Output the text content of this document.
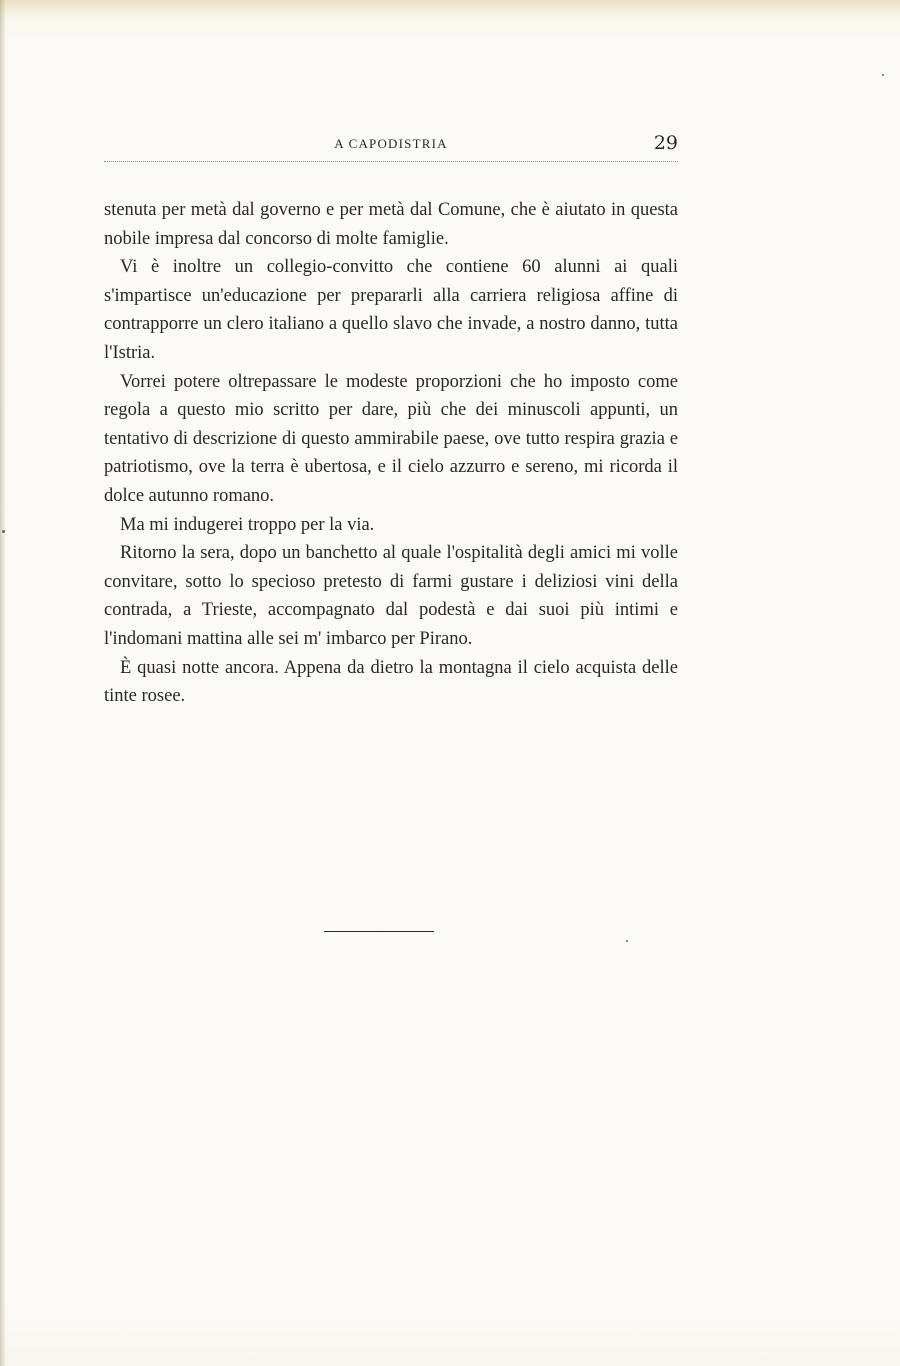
A CAPODISTRIA	29

stenuta per metà dal governo e per metà dal Comune, che è aiutato in questa nobile impresa dal concorso di molte famiglie.

Vi è inoltre un collegio-convitto che contiene 60 alunni ai quali s'impartisce un'educazione per prepararli alla carriera religiosa affine di contrapporre un clero italiano a quello slavo che invade, a nostro danno, tutta l'Istria.

Vorrei potere oltrepassare le modeste proporzioni che ho imposto come regola a questo mio scritto per dare, più che dei minuscoli appunti, un tentativo di descrizione di questo ammirabile paese, ove tutto respira grazia e patriotismo, ove la terra è ubertosa, e il cielo azzurro e sereno, mi ricorda il dolce autunno romano.

Ma mi indugerei troppo per la via.

Ritorno la sera, dopo un banchetto al quale l'ospitalità degli amici mi volle convitare, sotto lo specioso pretesto di farmi gustare i deliziosi vini della contrada, a Trieste, accompagnato dal podestà e dai suoi più intimi e l'indomani mattina alle sei m' imbarco per Pirano.

È quasi notte ancora. Appena da dietro la montagna il cielo acquista delle tinte rosee.
